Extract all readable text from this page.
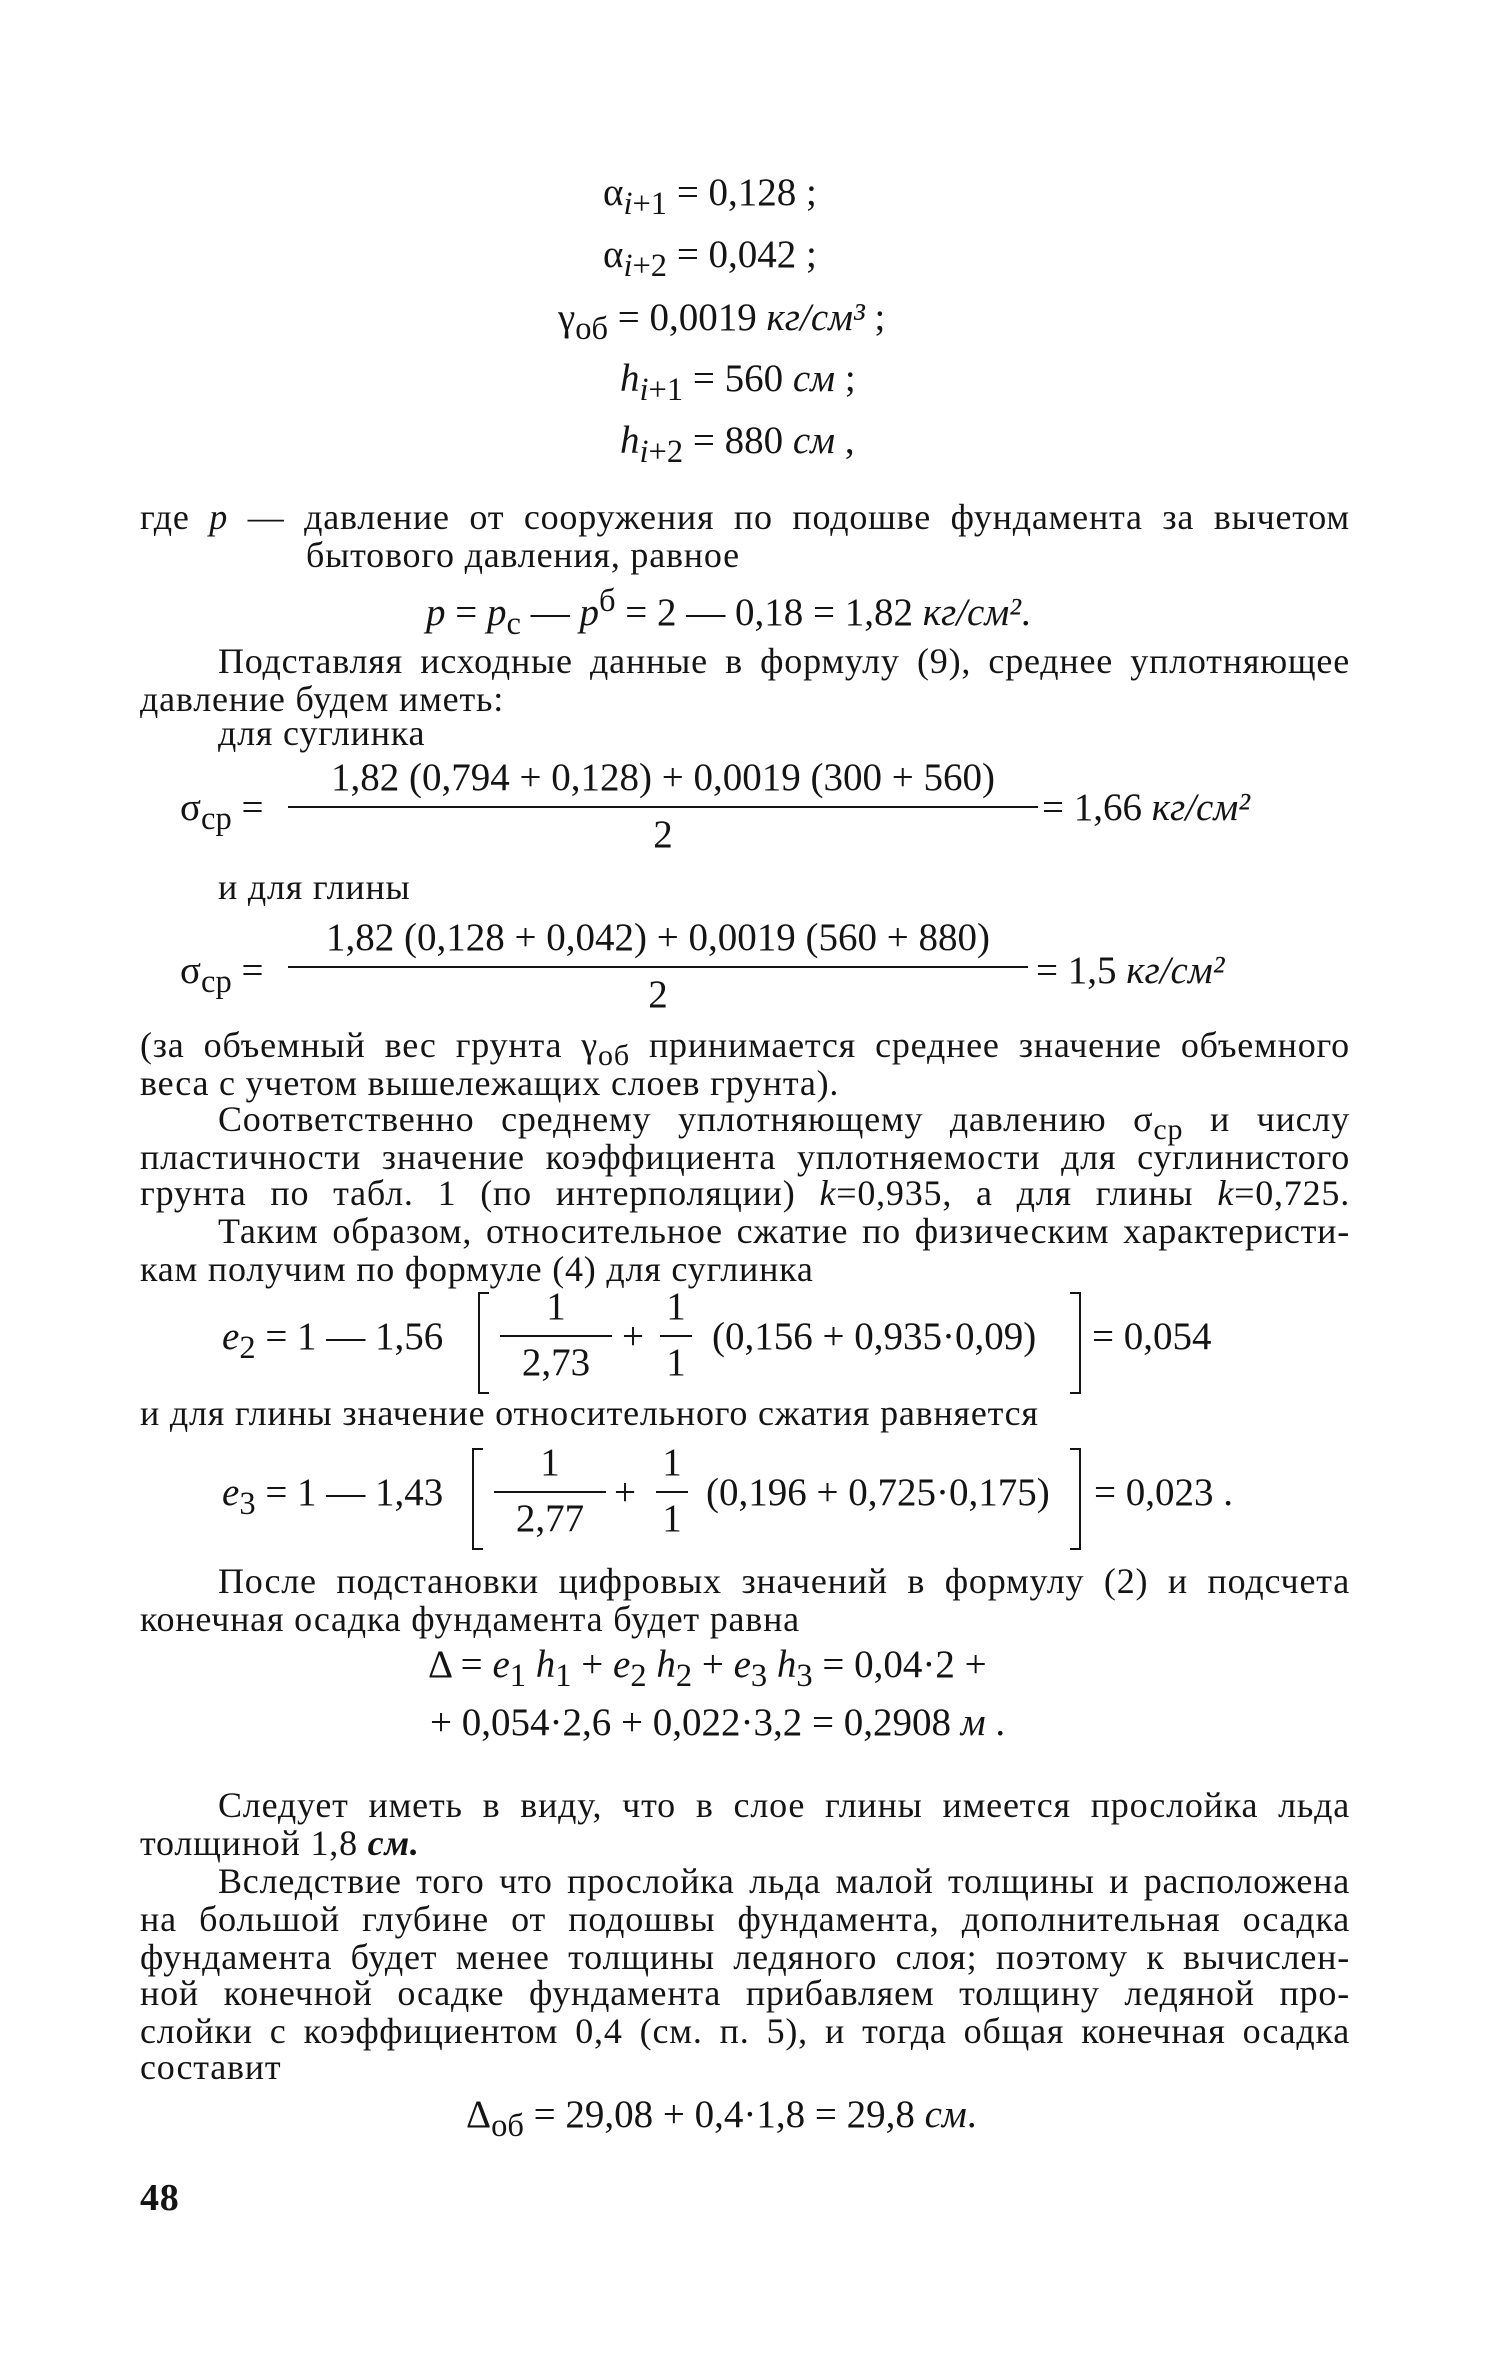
$\alpha_{i+1} = 0,128$ ;
$\alpha_{i+2} = 0,042$ ;
$\gamma_{об} = 0,0019$ кг/см³ ;
$h_{i+1} = 560$ см ;
$h_{i+2} = 880$ см ,
где p — давление от сооружения по подошве фундамента за вычетом
бытового давления, равное
$p = p_с$ — $p^б = 2$ — 0,18 = 1,82 кг/см².
Подставляя исходные данные в формулу (9), среднее уплотняющее
давление будем иметь:
для суглинка
$\sigma_{ср}$ =
1,82 (0,794 + 0,128) + 0,0019 (300 + 560)
2
= 1,66 кг/см²
и для глины
$\sigma_{ср}$ =
1,82 (0,128 + 0,042) + 0,0019 (560 + 880)
2
= 1,5 кг/см²
(за объемный вес грунта $\gamma_{об}$ принимается среднее значение объемного
веса с учетом вышележащих слоев грунта).
Соответственно среднему уплотняющему давлению $\sigma_{ср}$ и числу
пластичности значение коэффициента уплотняемости для суглинистого
грунта по табл. 1 (по интерполяции) k=0,935, а для глины k=0,725.
Таким образом, относительное сжатие по физическим характеристи-
кам получим по формуле (4) для суглинка
$e_2 = 1$ — 1,56
1
2,73
+
1
1
(0,156 + 0,935·0,09) = 0,054
и для глины значение относительного сжатия равняется
$e_3 = 1$ — 1,43
1
2,77
+
1
1
(0,196 + 0,725·0,175) = 0,023 .
После подстановки цифровых значений в формулу (2) и подсчета
конечная осадка фундамента будет равна
$\Delta = e_1$ $h_1 + e_2$ $h_2 + e_3$ $h_3 = 0,04\cdot 2$ +
+ 0,054·2,6 + 0,022·3,2 = 0,2908 м .
Следует иметь в виду, что в слое глины имеется прослойка льда
толщиной 1,8 см.
Вследствие того что прослойка льда малой толщины и расположена
на большой глубине от подошвы фундамента, дополнительная осадка
фундамента будет менее толщины ледяного слоя; поэтому к вычислен-
ной конечной осадке фундамента прибавляем толщину ледяной про-
слойки с коэффициентом 0,4 (см. п. 5), и тогда общая конечная осадка
составит
$\Delta_{об} = 29,08 + 0,4\cdot 1,8 = 29,8$ см.
48
